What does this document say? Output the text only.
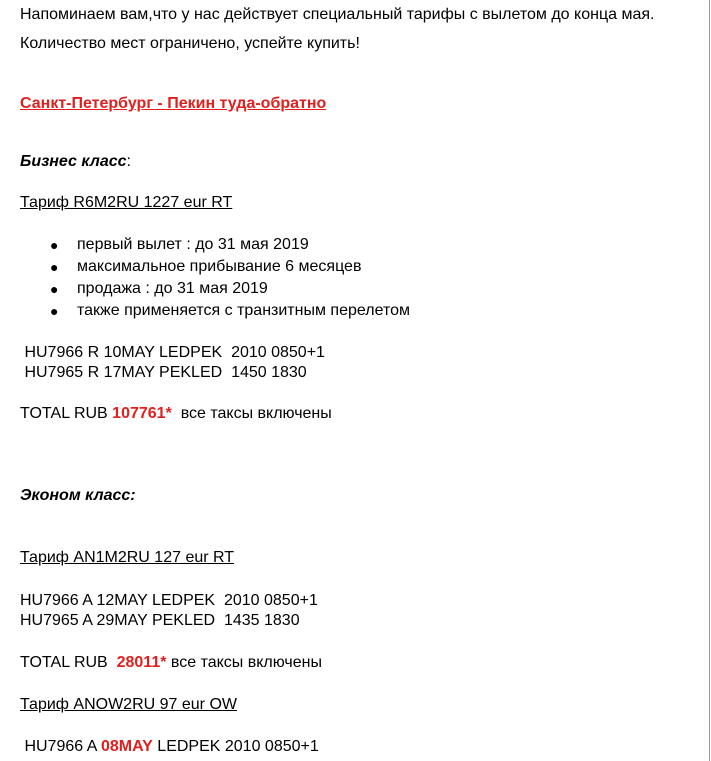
Напоминаем вам,что у нас действует специальный тарифы с вылетом до конца мая.
Количество мест ограничено, успейте купить!
Санкт-Петербург - Пекин туда-обратно
Бизнес класс:
Тариф R6M2RU 1227 eur RT
● первый вылет : до 31 мая 2019
● максимальное прибывание 6 месяцев
● продажа : до 31 мая 2019
● также применяется с транзитным перелетом
HU7966 R 10MAY LEDPEK  2010 0850+1
HU7965 R 17MAY PEKLED  1450 1830
TOTAL RUB 107761*  все таксы включены
Эконом класс:
Тариф AN1M2RU 127 eur RT
HU7966 A 12MAY LEDPEK  2010 0850+1
HU7965 A 29MAY PEKLED  1435 1830
TOTAL RUB  28011* все таксы включены
Тариф ANOW2RU 97 eur OW
HU7966 A 08MAY LEDPEK 2010 0850+1
